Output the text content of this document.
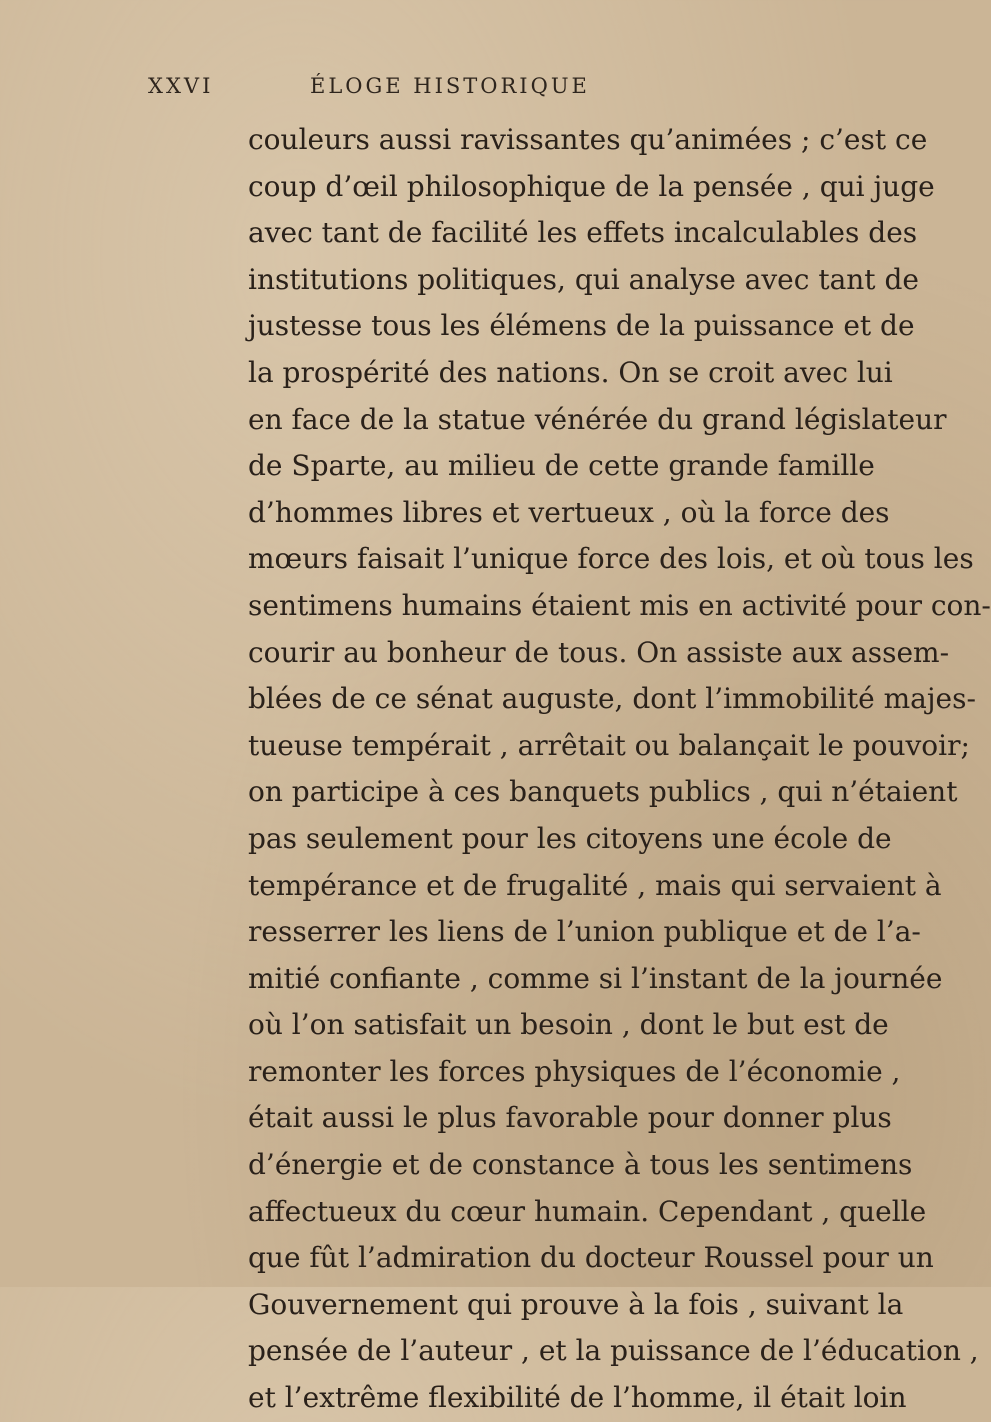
XXVI	ÉLOGE HISTORIQUE
couleurs aussi ravissantes qu’animées ; c’est ce
coup d’œil philosophique de la pensée , qui juge
avec tant de facilité les effets incalculables des
institutions politiques, qui analyse avec tant de
justesse tous les élémens de la puissance et de
la prospérité des nations. On se croit avec lui
en face de la statue vénérée du grand législateur
de Sparte, au milieu de cette grande famille
d’hommes libres et vertueux , où la force des
mœurs faisait l’unique force des lois, et où tous les
sentimens humains étaient mis en activité pour con-
courir au bonheur de tous. On assiste aux assem-
blées de ce sénat auguste, dont l’immobilité majes-
tueuse tempérait , arrêtait ou balançait le pouvoir;
on participe à ces banquets publics , qui n’étaient
pas seulement pour les citoyens une école de
tempérance et de frugalité , mais qui servaient à
resserrer les liens de l’union publique et de l’a-
mitié confiante , comme si l’instant de la journée
où l’on satisfait un besoin , dont le but est de
remonter les forces physiques de l’économie ,
était aussi le plus favorable pour donner plus
d’énergie et de constance à tous les sentimens
affectueux du cœur humain. Cependant , quelle
que fût l’admiration du docteur Roussel pour un
Gouvernement qui prouve à la fois , suivant la
pensée de l’auteur , et la puissance de l’éducation ,
et l’extrême flexibilité de l’homme, il était loin
